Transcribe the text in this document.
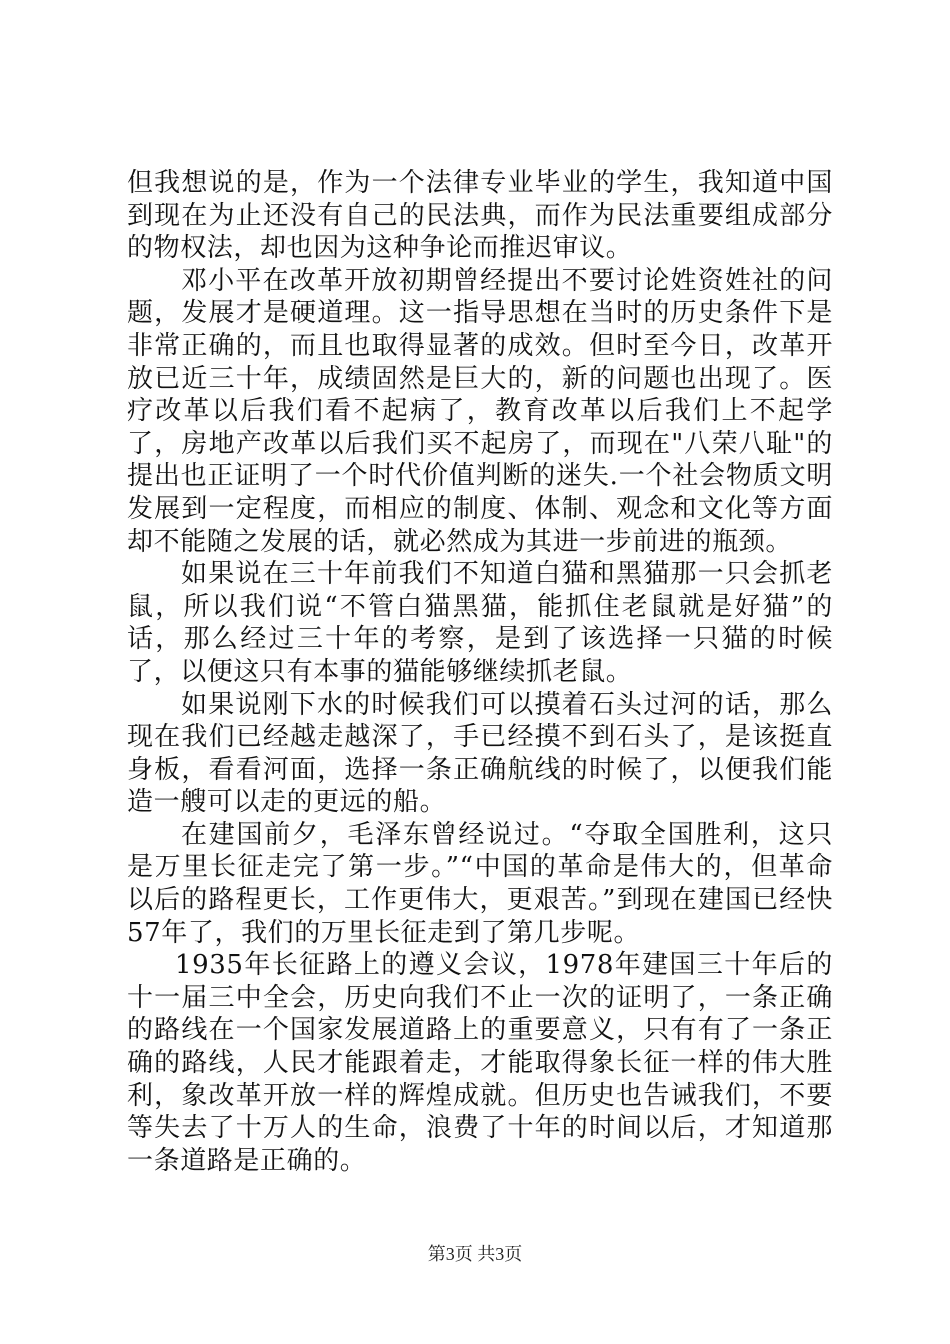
但我想说的是，作为一个法律专业毕业的学生，我知道中国到现在为止还没有自己的民法典，而作为民法重要组成部分的物权法，却也因为这种争论而推迟审议。

邓小平在改革开放初期曾经提出不要讨论姓资姓社的问题，发展才是硬道理。这一指导思想在当时的历史条件下是非常正确的，而且也取得显著的成效。但时至今日，改革开放已近三十年，成绩固然是巨大的，新的问题也出现了。医疗改革以后我们看不起病了，教育改革以后我们上不起学了，房地产改革以后我们买不起房了，而现在"八荣八耻"的提出也正证明了一个时代价值判断的迷失.一个社会物质文明发展到一定程度，而相应的制度、体制、观念和文化等方面却不能随之发展的话，就必然成为其进一步前进的瓶颈。

如果说在三十年前我们不知道白猫和黑猫那一只会抓老鼠，所以我们说“不管白猫黑猫，能抓住老鼠就是好猫”的话，那么经过三十年的考察，是到了该选择一只猫的时候了，以便这只有本事的猫能够继续抓老鼠。

如果说刚下水的时候我们可以摸着石头过河的话，那么现在我们已经越走越深了，手已经摸不到石头了，是该挺直身板，看看河面，选择一条正确航线的时候了，以便我们能造一艘可以走的更远的船。

在建国前夕，毛泽东曾经说过。“夺取全国胜利，这只是万里长征走完了第一步。”“中国的革命是伟大的，但革命以后的路程更长，工作更伟大，更艰苦。”到现在建国已经快57年了，我们的万里长征走到了第几步呢。

1935年长征路上的遵义会议，1978年建国三十年后的十一届三中全会，历史向我们不止一次的证明了，一条正确的路线在一个国家发展道路上的重要意义，只有有了一条正确的路线，人民才能跟着走，才能取得象长征一样的伟大胜利，象改革开放一样的辉煌成就。但历史也告诫我们，不要等失去了十万人的生命，浪费了十年的时间以后，才知道那一条道路是正确的。

第3页 共3页
